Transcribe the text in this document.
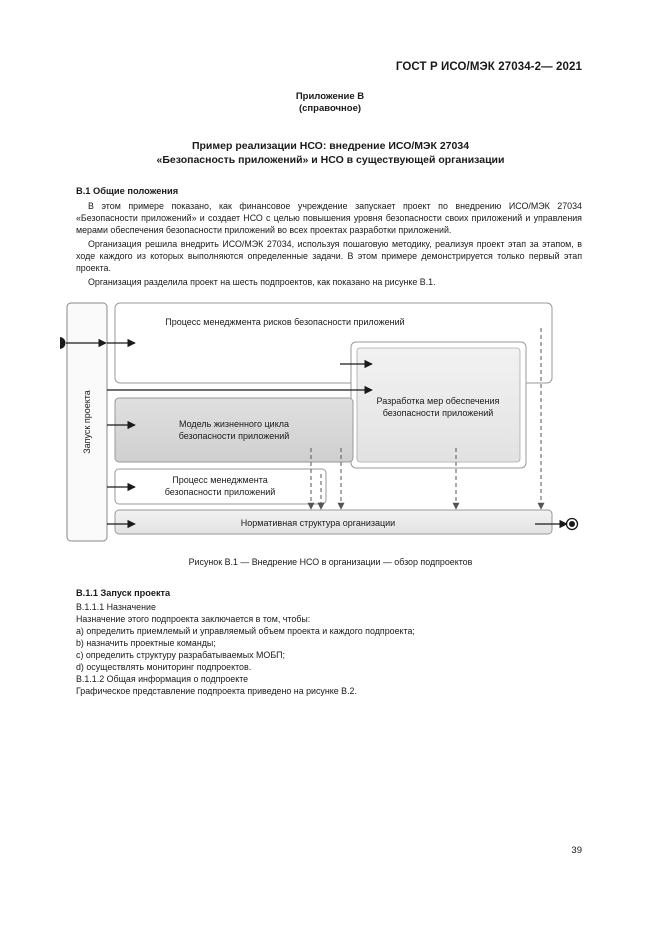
ГОСТ Р ИСО/МЭК 27034-2— 2021
Приложение В
(справочное)
Пример реализации НСО: внедрение ИСО/МЭК 27034
«Безопасность приложений» и НСО в существующей организации
В.1 Общие положения

В этом примере показано, как финансовое учреждение запускает проект по внедрению ИСО/МЭК 27034 «Безопасности приложений» и создает НСО с целью повышения уровня безопасности своих приложений и управления мерами обеспечения безопасности приложений во всех проектах разработки приложений.

Организация решила внедрить ИСО/МЭК 27034, используя пошаговую методику, реализуя проект этап за этапом, в ходе каждого из которых выполняются определенные задачи. В этом примере демонстрируется только первый этап проекта.

Организация разделила проект на шесть подпроектов, как показано на рисунке В.1.

Запуск проекта
Процесс менеджмента рисков безопасности приложений
Разработка мер обеспечения
безопасности приложений
Модель жизненного цикла
безопасности приложений
Процесс менеджмента
безопасности приложений
Нормативная структура организации
Рисунок В.1 — Внедрение НСО в организации — обзор подпроектов
В.1.1 Запуск проекта

В.1.1.1 Назначение

Назначение этого подпроекта заключается в том, чтобы:

a) определить приемлемый и управляемый объем проекта и каждого подпроекта;

b) назначить проектные команды;

c) определить структуру разрабатываемых МОБП;

d) осуществлять мониторинг подпроектов.

В.1.1.2 Общая информация о подпроекте

Графическое представление подпроекта приведено на рисунке В.2.

39
